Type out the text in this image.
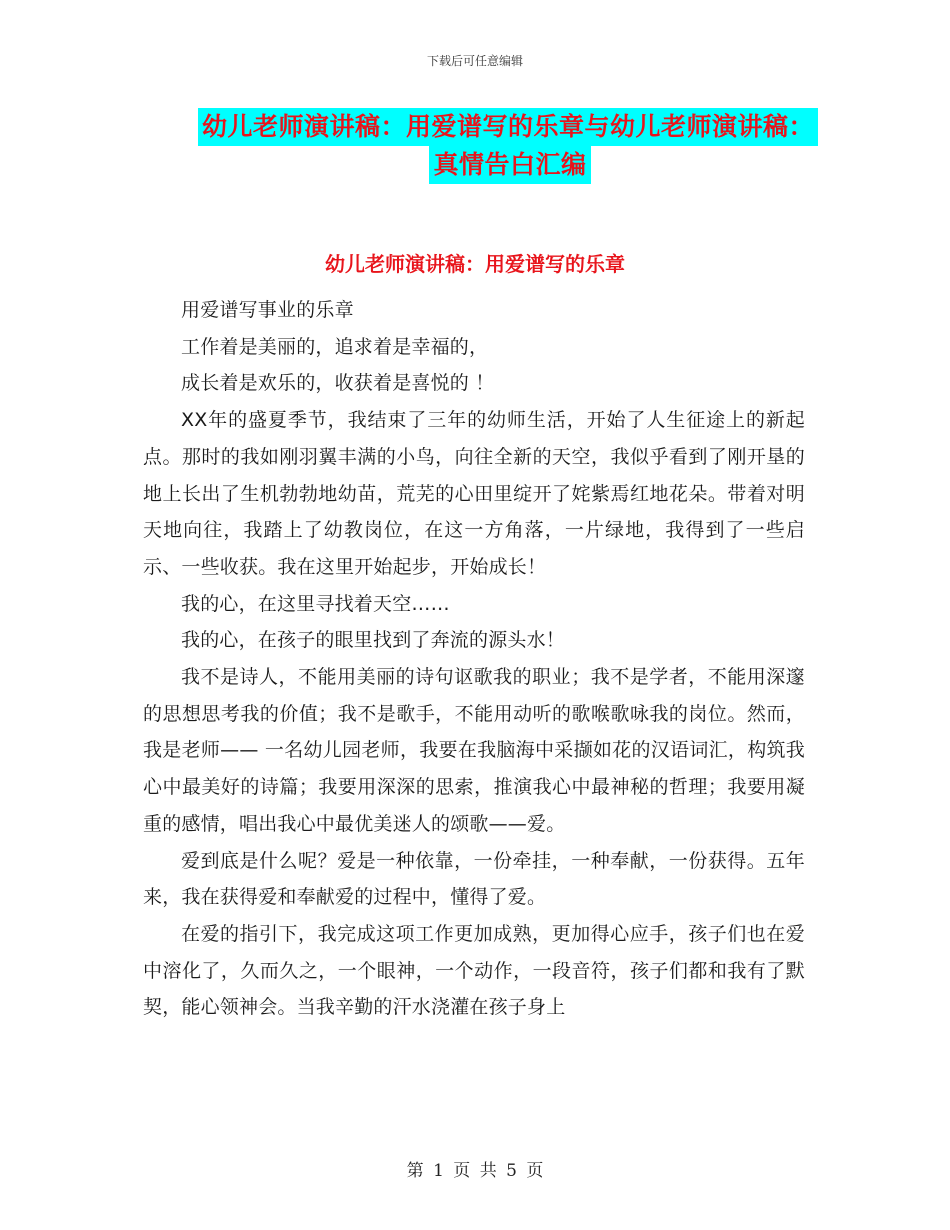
下载后可任意编辑
幼儿老师演讲稿：用爱谱写的乐章与幼儿老师演讲稿：
真情告白汇编
幼儿老师演讲稿：用爱谱写的乐章

用爱谱写事业的乐章

工作着是美丽的，追求着是幸福的，

成长着是欢乐的，收获着是喜悦的 ！

XX年的盛夏季节，我结束了三年的幼师生活，开始了人生征途上的新起点。那时的我如刚羽翼丰满的小鸟，向往全新的天空，我似乎看到了刚开垦的地上长出了生机勃勃地幼苗，荒芜的心田里绽开了姹紫焉红地花朵。带着对明天地向往，我踏上了幼教岗位，在这一方角落，一片绿地，我得到了一些启示、一些收获。我在这里开始起步，开始成长！

我的心，在这里寻找着天空……

我的心，在孩子的眼里找到了奔流的源头水！

我不是诗人，不能用美丽的诗句讴歌我的职业；我不是学者，不能用深邃的思想思考我的价值；我不是歌手，不能用动听的歌喉歌咏我的岗位。然而，我是老师—— 一名幼儿园老师，我要在我脑海中采撷如花的汉语词汇，构筑我心中最美好的诗篇；我要用深深的思索，推演我心中最神秘的哲理；我要用凝重的感情，唱出我心中最优美迷人的颂歌——爱。

爱到底是什么呢？爱是一种依靠，一份牵挂，一种奉献，一份获得。五年来，我在获得爱和奉献爱的过程中，懂得了爱。

在爱的指引下，我完成这项工作更加成熟，更加得心应手，孩子们也在爱中溶化了，久而久之，一个眼神，一个动作，一段音符，孩子们都和我有了默契，能心领神会。当我辛勤的汗水浇灌在孩子身上

第 1 页 共 5 页
